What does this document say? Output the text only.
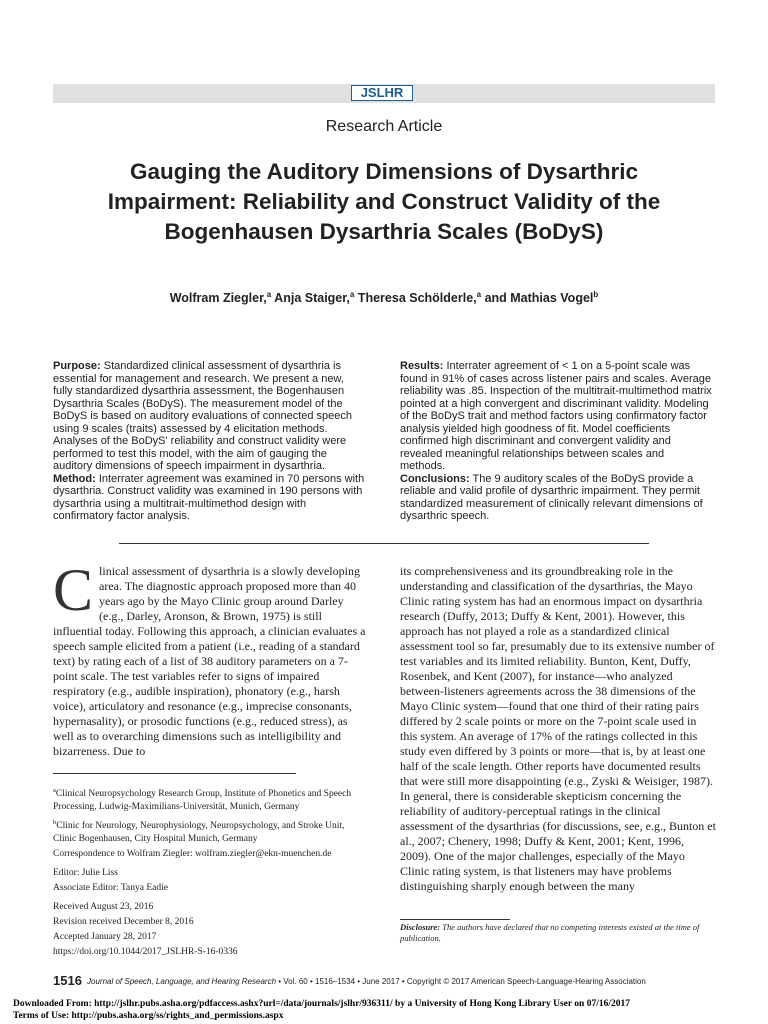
JSLHR
Research Article
Gauging the Auditory Dimensions of Dysarthric Impairment: Reliability and Construct Validity of the Bogenhausen Dysarthria Scales (BoDyS)
Wolfram Ziegler,$^a$ Anja Staiger,$^a$ Theresa Schölderle,$^a$ and Mathias Vogel$^b$

Purpose: Standardized clinical assessment of dysarthria is essential for management and research. We present a new, fully standardized dysarthria assessment, the Bogenhausen Dysarthria Scales (BoDyS). The measurement model of the BoDyS is based on auditory evaluations of connected speech using 9 scales (traits) assessed by 4 elicitation methods. Analyses of the BoDyS' reliability and construct validity were performed to test this model, with the aim of gauging the auditory dimensions of speech impairment in dysarthria.

Method: Interrater agreement was examined in 70 persons with dysarthria. Construct validity was examined in 190 persons with dysarthria using a multitrait-multimethod design with confirmatory factor analysis.

Results: Interrater agreement of < 1 on a 5-point scale was found in 91% of cases across listener pairs and scales. Average reliability was .85. Inspection of the multitrait-multimethod matrix pointed at a high convergent and discriminant validity. Modeling of the BoDyS trait and method factors using confirmatory factor analysis yielded high goodness of fit. Model coefficients confirmed high discriminant and convergent validity and revealed meaningful relationships between scales and methods.

Conclusions: The 9 auditory scales of the BoDyS provide a reliable and valid profile of dysarthric impairment. They permit standardized measurement of clinically relevant dimensions of dysarthric speech.

Clinical assessment of dysarthria is a slowly developing area. The diagnostic approach proposed more than 40 years ago by the Mayo Clinic group around Darley (e.g., Darley, Aronson, & Brown, 1975) is still influential today. Following this approach, a clinician evaluates a speech sample elicited from a patient (i.e., reading of a standard text) by rating each of a list of 38 auditory parameters on a 7-point scale. The test variables refer to signs of impaired respiratory (e.g., audible inspiration), phonatory (e.g., harsh voice), articulatory and resonance (e.g., imprecise consonants, hypernasality), or prosodic functions (e.g., reduced stress), as well as to overarching dimensions such as intelligibility and bizarreness. Due to

its comprehensiveness and its groundbreaking role in the understanding and classification of the dysarthrias, the Mayo Clinic rating system has had an enormous impact on dysarthria research (Duffy, 2013; Duffy & Kent, 2001). However, this approach has not played a role as a standardized clinical assessment tool so far, presumably due to its extensive number of test variables and its limited reliability. Bunton, Kent, Duffy, Rosenbek, and Kent (2007), for instance—who analyzed between-listeners agreements across the 38 dimensions of the Mayo Clinic system—found that one third of their rating pairs differed by 2 scale points or more on the 7-point scale used in this system. An average of 17% of the ratings collected in this study even differed by 3 points or more—that is, by at least one half of the scale length. Other reports have documented results that were still more disappointing (e.g., Zyski & Weisiger, 1987). In general, there is considerable skepticism concerning the reliability of auditory-perceptual ratings in the clinical assessment of the dysarthrias (for discussions, see, e.g., Bunton et al., 2007; Chenery, 1998; Duffy & Kent, 2001; Kent, 1996, 2009). One of the major challenges, especially of the Mayo Clinic rating system, is that listeners may have problems distinguishing sharply enough between the many

$^a$Clinical Neuropsychology Research Group, Institute of Phonetics and Speech Processing, Ludwig-Maximilians-Universität, Munich, Germany

$^b$Clinic for Neurology, Neurophysiology, Neuropsychology, and Stroke Unit, Clinic Bogenhausen, City Hospital Munich, Germany

Correspondence to Wolfram Ziegler: wolfram.ziegler@ekn-muenchen.de

Editor: Julie Liss

Associate Editor: Tanya Eadie

Received August 23, 2016

Revision received December 8, 2016

Accepted January 28, 2017

https://doi.org/10.1044/2017_JSLHR-S-16-0336

Disclosure: The authors have declared that no competing interests existed at the time of publication.
1516 Journal of Speech, Language, and Hearing Research • Vol. 60 • 1516–1534 • June 2017 • Copyright © 2017 American Speech-Language-Hearing Association
Downloaded From: http://jslhr.pubs.asha.org/pdfaccess.ashx?url=/data/journals/jslhr/936311/ by a University of Hong Kong Library User on 07/16/2017
Terms of Use: http://pubs.asha.org/ss/rights_and_permissions.aspx
